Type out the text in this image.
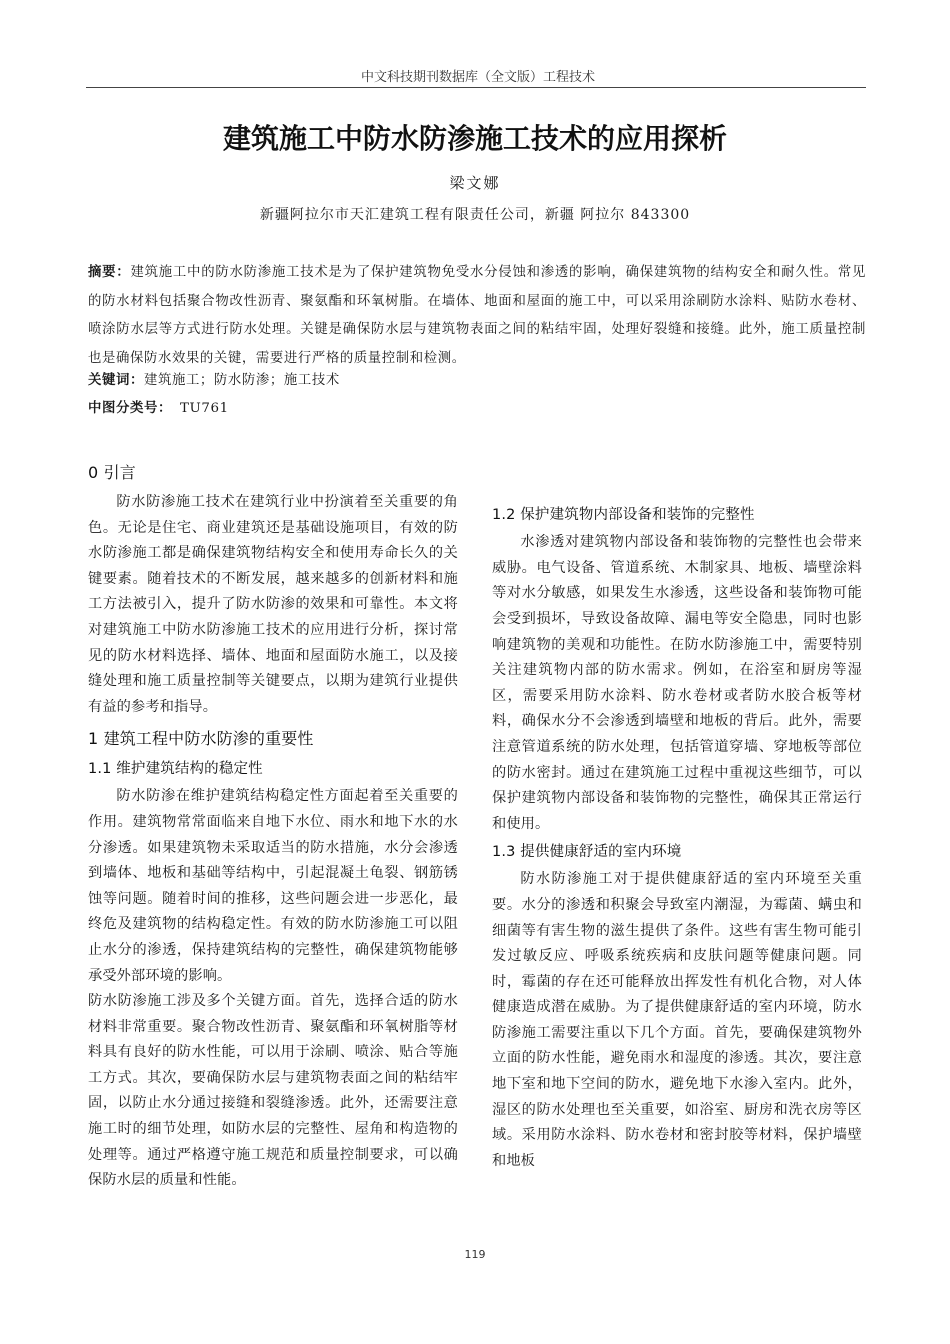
中文科技期刊数据库（全文版）工程技术
建筑施工中防水防渗施工技术的应用探析
梁文娜
新疆阿拉尔市天汇建筑工程有限责任公司，新疆 阿拉尔 843300
摘要：建筑施工中的防水防渗施工技术是为了保护建筑物免受水分侵蚀和渗透的影响，确保建筑物的结构安全和耐久性。常见的防水材料包括聚合物改性沥青、聚氨酯和环氧树脂。在墙体、地面和屋面的施工中，可以采用涂刷防水涂料、贴防水卷材、喷涂防水层等方式进行防水处理。关键是确保防水层与建筑物表面之间的粘结牢固，处理好裂缝和接缝。此外，施工质量控制也是确保防水效果的关键，需要进行严格的质量控制和检测。
关键词：建筑施工；防水防渗；施工技术
中图分类号： TU761
0 引言

防水防渗施工技术在建筑行业中扮演着至关重要的角色。无论是住宅、商业建筑还是基础设施项目，有效的防水防渗施工都是确保建筑物结构安全和使用寿命长久的关键要素。随着技术的不断发展，越来越多的创新材料和施工方法被引入，提升了防水防渗的效果和可靠性。本文将对建筑施工中防水防渗施工技术的应用进行分析，探讨常见的防水材料选择、墙体、地面和屋面防水施工，以及接缝处理和施工质量控制等关键要点，以期为建筑行业提供有益的参考和指导。

1 建筑工程中防水防渗的重要性
1.1 维护建筑结构的稳定性

防水防渗在维护建筑结构稳定性方面起着至关重要的作用。建筑物常常面临来自地下水位、雨水和地下水的水分渗透。如果建筑物未采取适当的防水措施，水分会渗透到墙体、地板和基础等结构中，引起混凝土龟裂、钢筋锈蚀等问题。随着时间的推移，这些问题会进一步恶化，最终危及建筑物的结构稳定性。有效的防水防渗施工可以阻止水分的渗透，保持建筑结构的完整性，确保建筑物能够承受外部环境的影响。

防水防渗施工涉及多个关键方面。首先，选择合适的防水材料非常重要。聚合物改性沥青、聚氨酯和环氧树脂等材料具有良好的防水性能，可以用于涂刷、喷涂、贴合等施工方式。其次，要确保防水层与建筑物表面之间的粘结牢固，以防止水分通过接缝和裂缝渗透。此外，还需要注意施工时的细节处理，如防水层的完整性、屋角和构造物的处理等。通过严格遵守施工规范和质量控制要求，可以确保防水层的质量和性能。

1.2 保护建筑物内部设备和装饰的完整性

水渗透对建筑物内部设备和装饰物的完整性也会带来威胁。电气设备、管道系统、木制家具、地板、墙壁涂料等对水分敏感，如果发生水渗透，这些设备和装饰物可能会受到损坏，导致设备故障、漏电等安全隐患，同时也影响建筑物的美观和功能性。在防水防渗施工中，需要特别关注建筑物内部的防水需求。例如，在浴室和厨房等湿区，需要采用防水涂料、防水卷材或者防水胶合板等材料，确保水分不会渗透到墙壁和地板的背后。此外，需要注意管道系统的防水处理，包括管道穿墙、穿地板等部位的防水密封。通过在建筑施工过程中重视这些细节，可以保护建筑物内部设备和装饰物的完整性，确保其正常运行和使用。

1.3 提供健康舒适的室内环境

防水防渗施工对于提供健康舒适的室内环境至关重要。水分的渗透和积聚会导致室内潮湿，为霉菌、螨虫和细菌等有害生物的滋生提供了条件。这些有害生物可能引发过敏反应、呼吸系统疾病和皮肤问题等健康问题。同时，霉菌的存在还可能释放出挥发性有机化合物，对人体健康造成潜在威胁。为了提供健康舒适的室内环境，防水防渗施工需要注重以下几个方面。首先，要确保建筑物外立面的防水性能，避免雨水和湿度的渗透。其次，要注意地下室和地下空间的防水，避免地下水渗入室内。此外，湿区的防水处理也至关重要，如浴室、厨房和洗衣房等区域。采用防水涂料、防水卷材和密封胶等材料，保护墙壁和地板

119
